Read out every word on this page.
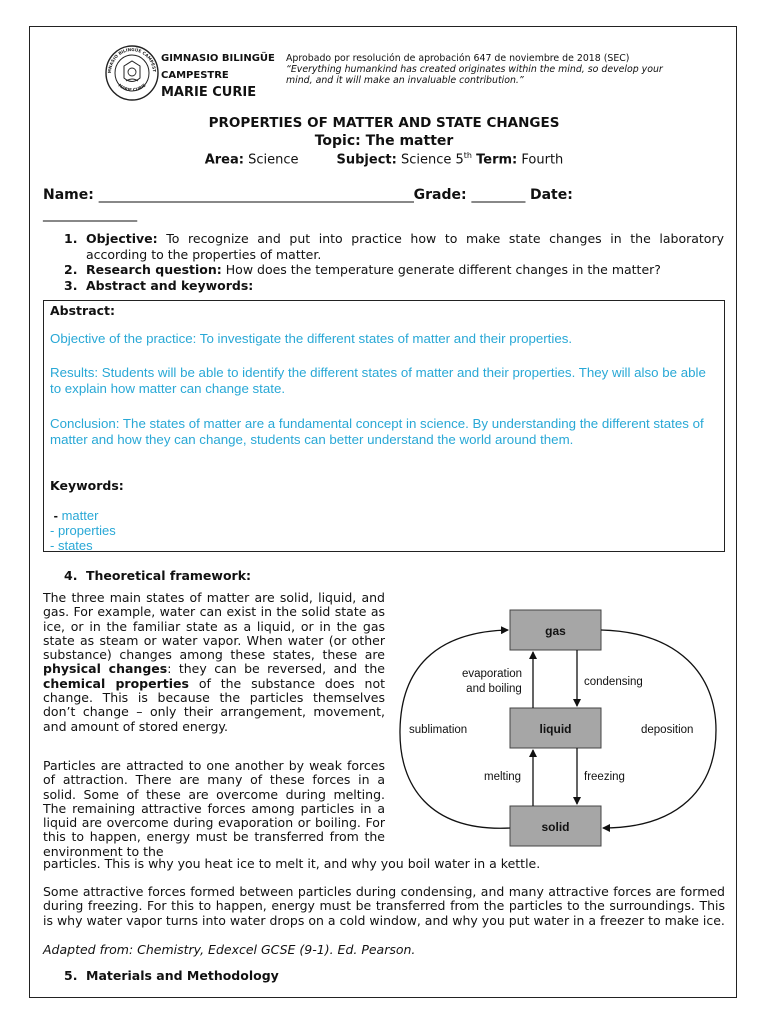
MNASIO BILINGÜE CAMPEST
MARIE CURIE
GIMNASIO BILINGÜE
CAMPESTRE
MARIE CURIE
Aprobado por resolución de aprobación 647 de noviembre de 2018 (SEC)
“Everything humankind has created originates within the mind, so develop your
mind, and it will make an invaluable contribution.”
PROPERTIES OF MATTER AND STATE CHANGES
Topic: The matter
Area: Science	Subject: Science 5th Term: Fourth
Name: _______________________________________________Grade: ________ Date:
______________
1. Objective: To recognize and put into practice how to make state changes in the laboratory according to the properties of matter.
2. Research question: How does the temperature generate different changes in the matter?
3. Abstract and keywords:
Abstract:
Objective of the practice: To investigate the different states of matter and their properties.
Results: Students will be able to identify the different states of matter and their properties. They will also be able to explain how matter can change state.
Conclusion: The states of matter are a fundamental concept in science. By understanding the different states of matter and how they can change, students can better understand the world around them.
Keywords:
- matter
- properties
- states
4. Theoretical framework:
The three main states of matter are solid, liquid, and gas. For example, water can exist in the solid state as ice, or in the familiar state as a liquid, or in the gas state as steam or water vapor. When water (or other substance) changes among these states, these are physical changes: they can be reversed, and the chemical properties of the substance does not change. This is because the particles themselves don’t change – only their arrangement, movement, and amount of stored energy.
Particles are attracted to one another by weak forces of attraction. There are many of these forces in a solid. Some of these are overcome during melting. The remaining attractive forces among particles in a liquid are overcome during evaporation or boiling. For this to happen, energy must be transferred from the environment to the
particles. This is why you heat ice to melt it, and why you boil water in a kettle.
Some attractive forces formed between particles during condensing, and many attractive forces are formed during freezing. For this to happen, energy must be transferred from the particles to the surroundings. This is why water vapor turns into water drops on a cold window, and why you put water in a freezer to make ice.
Adapted from: Chemistry, Edexcel GCSE (9-1). Ed. Pearson.
gas
liquid
solid
evaporation
and boiling
condensing
melting	freezing
sublimation	deposition
5. Materials and Methodology
